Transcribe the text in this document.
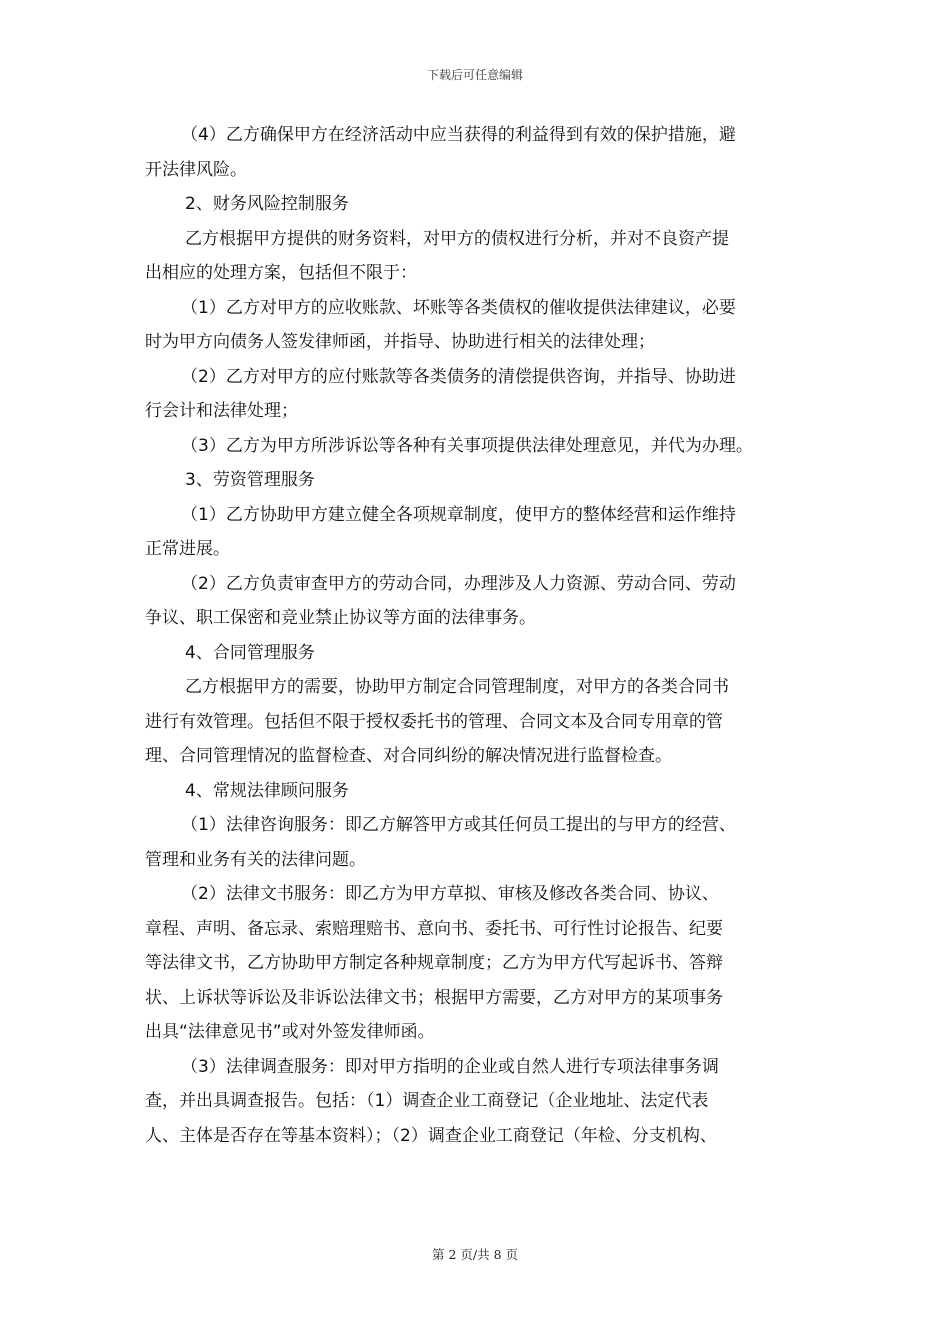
下载后可任意编辑
（4）乙方确保甲方在经济活动中应当获得的利益得到有效的保护措施，避
开法律风险。
2、财务风险控制服务
乙方根据甲方提供的财务资料，对甲方的债权进行分析，并对不良资产提
出相应的处理方案，包括但不限于：
（1）乙方对甲方的应收账款、坏账等各类债权的催收提供法律建议，必要
时为甲方向债务人签发律师函，并指导、协助进行相关的法律处理；
（2）乙方对甲方的应付账款等各类债务的清偿提供咨询，并指导、协助进
行会计和法律处理；
（3）乙方为甲方所涉诉讼等各种有关事项提供法律处理意见，并代为办理。
3、劳资管理服务
（1）乙方协助甲方建立健全各项规章制度，使甲方的整体经营和运作维持
正常进展。
（2）乙方负责审查甲方的劳动合同，办理涉及人力资源、劳动合同、劳动
争议、职工保密和竞业禁止协议等方面的法律事务。
4、合同管理服务
乙方根据甲方的需要，协助甲方制定合同管理制度，对甲方的各类合同书
进行有效管理。包括但不限于授权委托书的管理、合同文本及合同专用章的管
理、合同管理情况的监督检查、对合同纠纷的解决情况进行监督检查。
4、常规法律顾问服务
（1）法律咨询服务：即乙方解答甲方或其任何员工提出的与甲方的经营、
管理和业务有关的法律问题。
（2）法律文书服务：即乙方为甲方草拟、审核及修改各类合同、协议、
章程、声明、备忘录、索赔理赔书、意向书、委托书、可行性讨论报告、纪要
等法律文书，乙方协助甲方制定各种规章制度；乙方为甲方代写起诉书、答辩
状、上诉状等诉讼及非诉讼法律文书；根据甲方需要，乙方对甲方的某项事务
出具“法律意见书”或对外签发律师函。
（3）法律调查服务：即对甲方指明的企业或自然人进行专项法律事务调
查，并出具调查报告。包括：（1）调查企业工商登记（企业地址、法定代表
人、主体是否存在等基本资料）；（2）调查企业工商登记（年检、分支机构、
第 2 页/共 8 页
